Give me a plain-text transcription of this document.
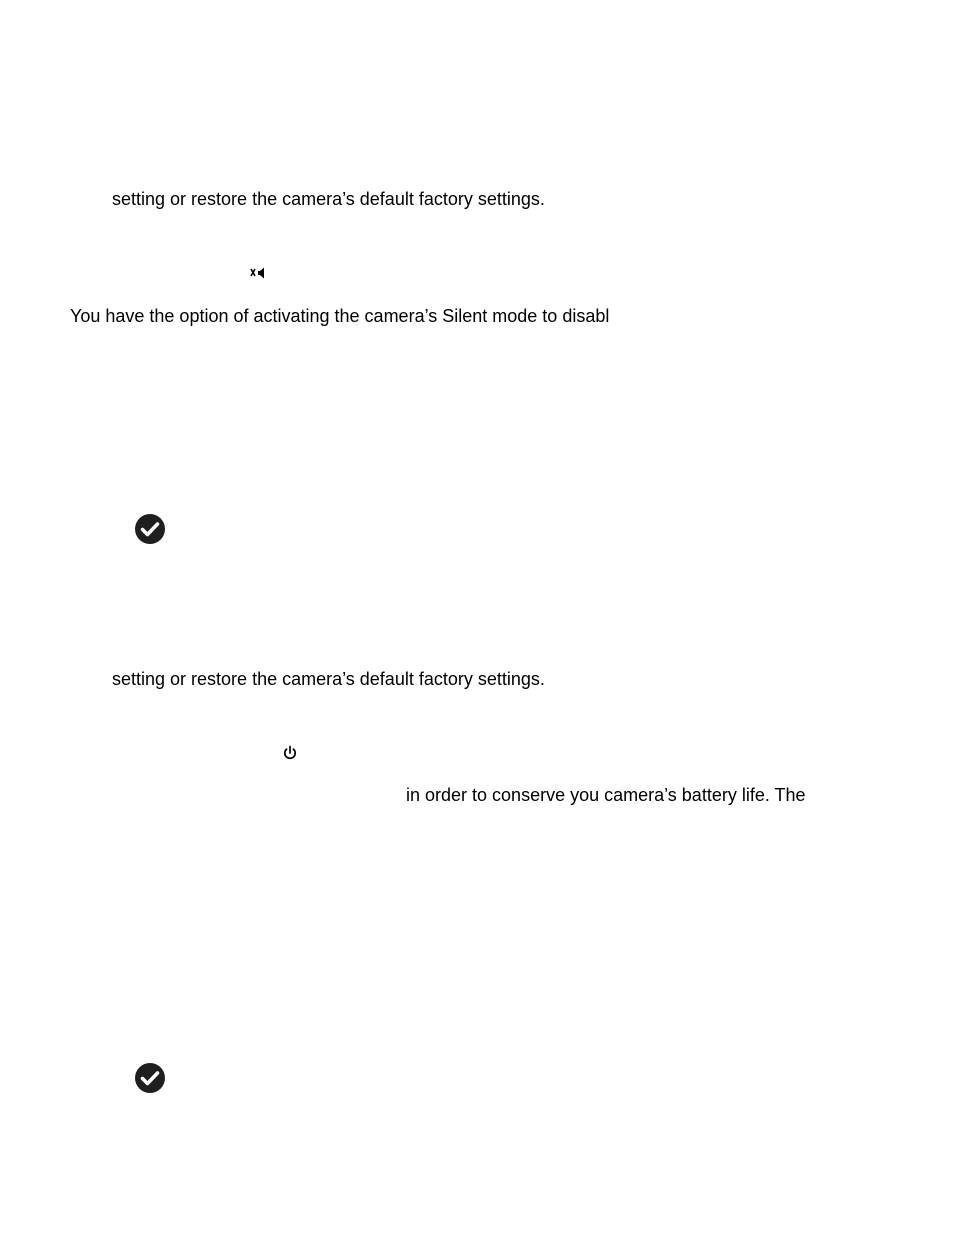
setting or restore the camera’s default factory settings.
You have the option of activating the camera’s Silent mode to disabl
setting or restore the camera’s default factory settings.
in order to conserve you camera’s battery life. The
